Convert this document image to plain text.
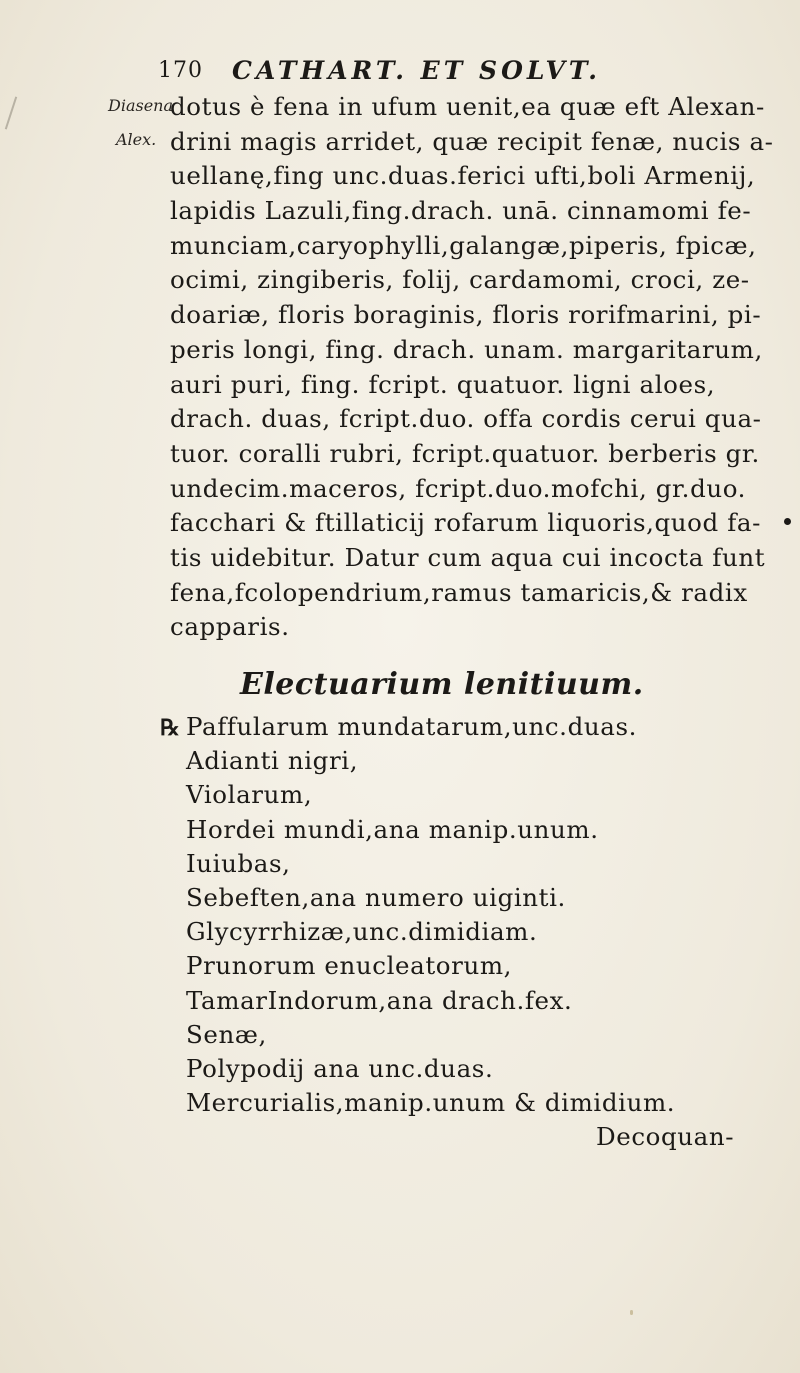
170 CATHART. ET SOLVT.
Diasena
Alex.
dotus è fena in ufum uenit,ea quæ eft Alexan-
drini magis arridet, quæ recipit fenæ, nucis a-
uellanę,fing unc.duas.ferici ufti,boli Armenij,
lapidis Lazuli,fing.drach. unā. cinnamomi fe-
munciam,caryophylli,galangæ,piperis, fpicæ,
ocimi, zingiberis, folij, cardamomi, croci, ze-
doariæ, floris boraginis, floris rorifmarini, pi-
peris longi, fing. drach. unam. margaritarum,
auri puri, fing. fcript. quatuor. ligni aloes,
drach. duas, fcript.duo. offa cordis cerui qua-
tuor. coralli rubri, fcript.quatuor. berberis gr.
undecim.maceros, fcript.duo.mofchi, gr.duo.
facchari & ftillaticij rofarum liquoris,quod fa-
tis uidebitur. Datur cum aqua cui incocta funt
fena,fcolopendrium,ramus tamaricis,& radix
capparis.
Electuarium lenitiuum.
℞ Paffularum mundatarum,unc.duas.
Adianti nigri,
Violarum,
Hordei mundi,ana manip.unum.
Iuiubas,
Sebeften,ana numero uiginti.
Glycyrrhizæ,unc.dimidiam.
Prunorum enucleatorum,
TamarIndorum,ana drach.fex.
Senæ,
Polypodij ana unc.duas.
Mercurialis,manip.unum & dimidium.
Decoquan-
